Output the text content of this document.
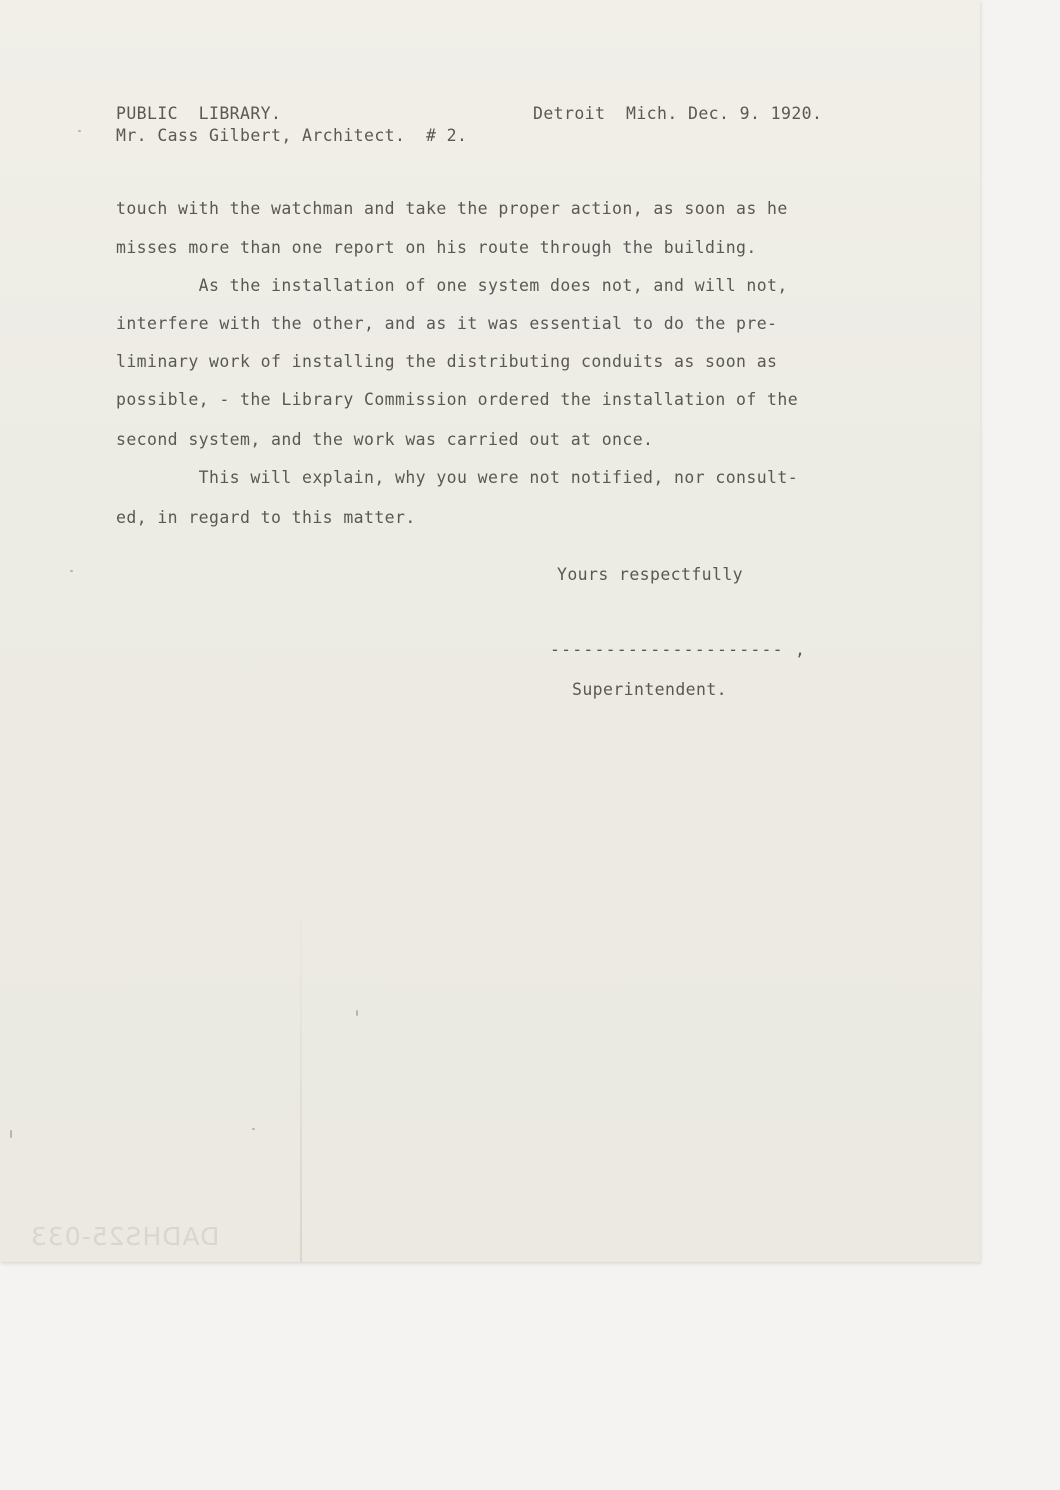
PUBLIC  LIBRARY.
Mr. Cass Gilbert, Architect.  # 2.
Detroit  Mich. Dec. 9. 1920.
touch with the watchman and take the proper action, as soon as he
misses more than one report on his route through the building.
As the installation of one system does not, and will not,
interfere with the other, and as it was essential to do the pre-
liminary work of installing the distributing conduits as soon as
possible, - the Library Commission ordered the installation of the
second system, and the work was carried out at once.
This will explain, why you were not notified, nor consult-
ed, in regard to this matter.
Yours respectfully
--------------------- ,
Superintendent.
DADHS25-033
